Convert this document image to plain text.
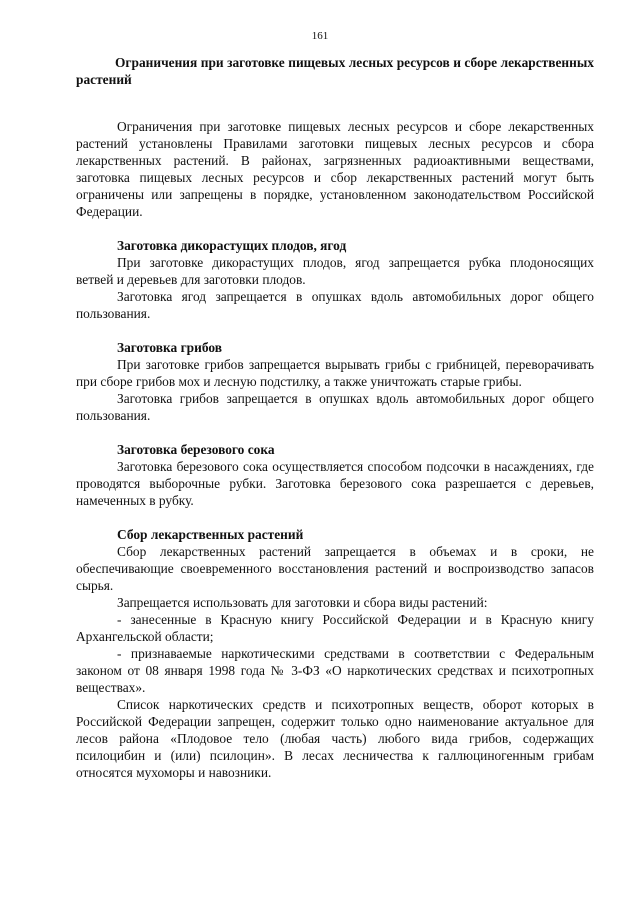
161

Ограничения при заготовке пищевых лесных ресурсов и сборе лекарственных растений

Ограничения при заготовке пищевых лесных ресурсов и сборе лекарственных растений установлены Правилами заготовки пищевых лесных ресурсов и сбора лекарственных растений. В районах, загрязненных радиоактивными веществами, заготовка пищевых лесных ресурсов и сбор лекарственных растений могут быть ограничены или запрещены в порядке, установленном законодательством Российской Федерации.

Заготовка дикорастущих плодов, ягод

При заготовке дикорастущих плодов, ягод запрещается рубка плодоносящих ветвей и деревьев для заготовки плодов.

Заготовка ягод запрещается в опушках вдоль автомобильных дорог общего пользования.

Заготовка грибов

При заготовке грибов запрещается вырывать грибы с грибницей, переворачивать при сборе грибов мох и лесную подстилку, а также уничтожать старые грибы.

Заготовка грибов запрещается в опушках вдоль автомобильных дорог общего пользования.

Заготовка березового сока

Заготовка березового сока осуществляется способом подсочки в насаждениях, где проводятся выборочные рубки. Заготовка березового сока разрешается с деревьев, намеченных в рубку.

Сбор лекарственных растений

Сбор лекарственных растений запрещается в объемах и в сроки, не обеспечивающие своевременного восстановления растений и воспроизводство запасов сырья.

Запрещается использовать для заготовки и сбора виды растений:

- занесенные в Красную книгу Российской Федерации и в Красную книгу Архангельской области;

- признаваемые наркотическими средствами в соответствии с Федеральным законом от 08 января 1998 года № 3-ФЗ «О наркотических средствах и психотропных веществах».

Список наркотических средств и психотропных веществ, оборот которых в Российской Федерации запрещен, содержит только одно наименование актуальное для лесов района «Плодовое тело (любая часть) любого вида грибов, содержащих псилоцибин и (или) псилоцин». В лесах лесничества к галлюциногенным грибам относятся мухоморы и навозники.
